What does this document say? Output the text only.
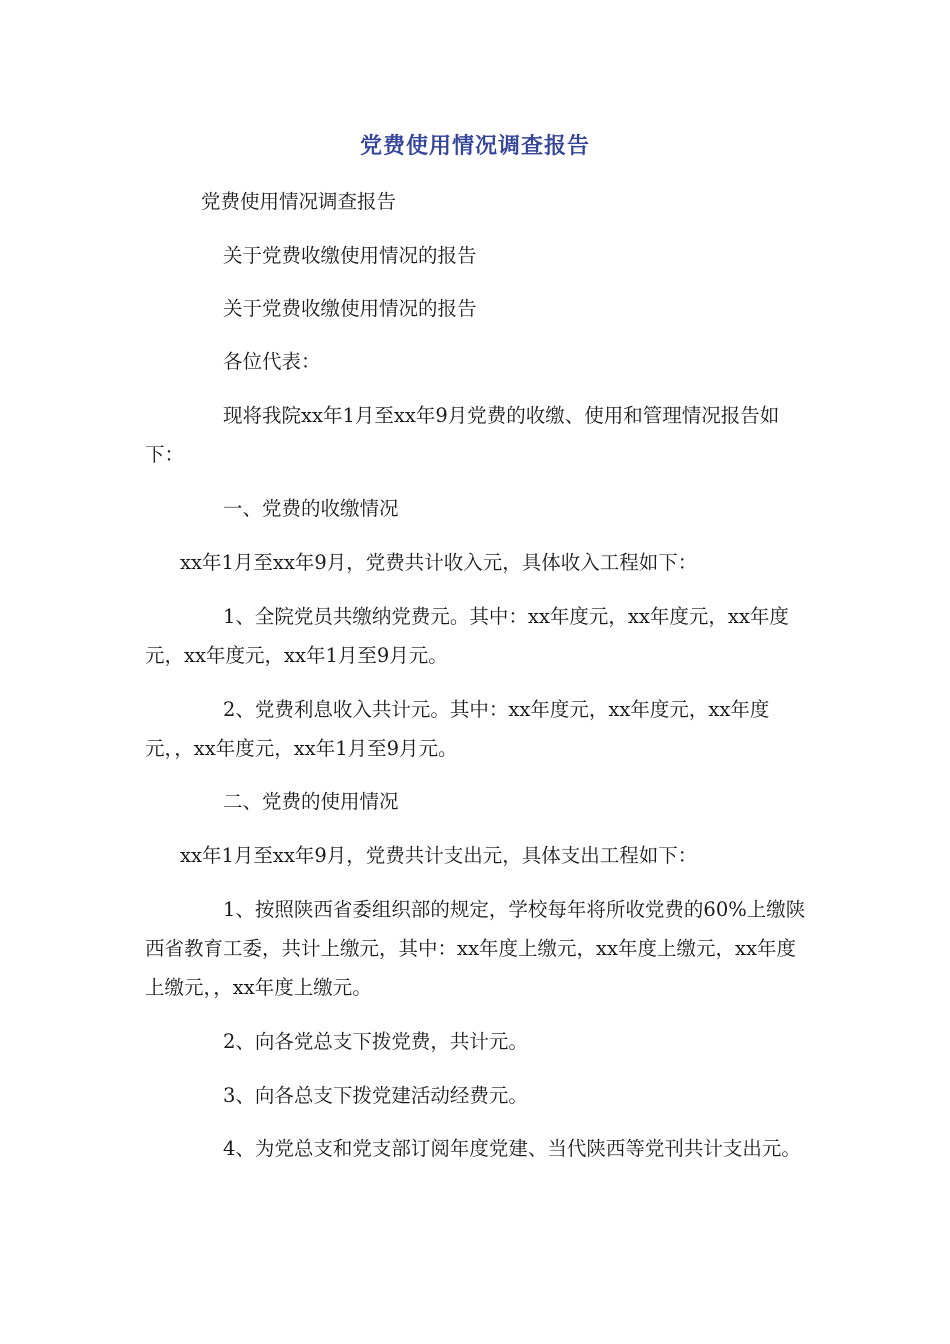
党费使用情况调查报告

党费使用情况调查报告

关于党费收缴使用情况的报告

关于党费收缴使用情况的报告

各位代表：

现将我院xx年1月至xx年9月党费的收缴、使用和管理情况报告如下：

一、党费的收缴情况

xx年1月至xx年9月，党费共计收入元，具体收入工程如下：

1、全院党员共缴纳党费元。其中：xx年度元，xx年度元，xx年度元，xx年度元，xx年1月至9月元。

2、党费利息收入共计元。其中：xx年度元，xx年度元，xx年度元，，xx年度元，xx年1月至9月元。

二、党费的使用情况

xx年1月至xx年9月，党费共计支出元，具体支出工程如下：

1、按照陕西省委组织部的规定，学校每年将所收党费的60%上缴陕西省教育工委，共计上缴元，其中：xx年度上缴元，xx年度上缴元，xx年度上缴元，，xx年度上缴元。

2、向各党总支下拨党费，共计元。

3、向各总支下拨党建活动经费元。

4、为党总支和党支部订阅年度党建、当代陕西等党刊共计支出元。
